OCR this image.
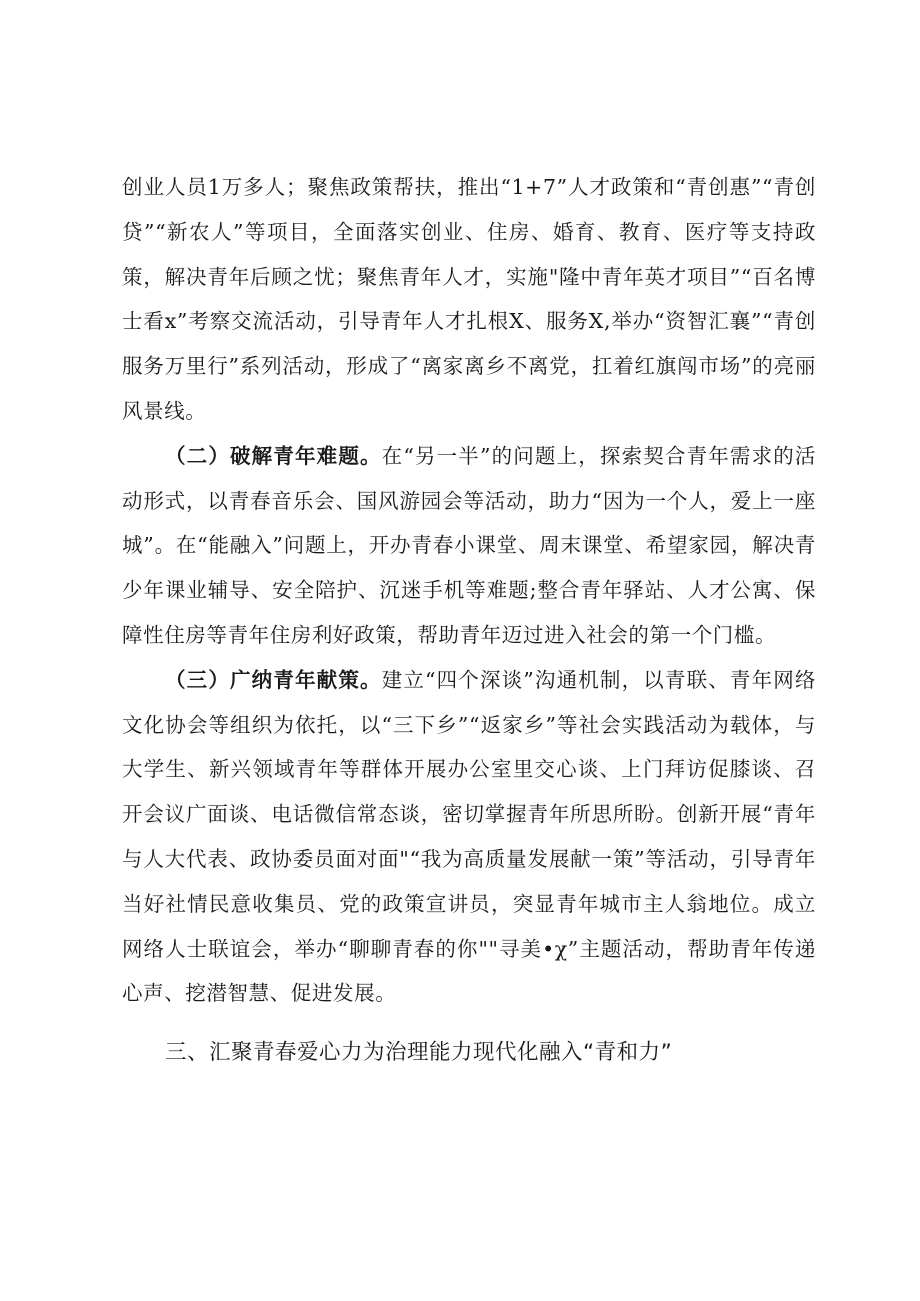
创业人员1万多人；聚焦政策帮扶，推出“1+7”人才政策和“青创惠”“青创贷”“新农人”等项目，全面落实创业、住房、婚育、教育、医疗等支持政策，解决青年后顾之忧；聚焦青年人才，实施"隆中青年英才项目”“百名博士看x”考察交流活动，引导青年人才扎根X、服务X,举办“资智汇襄”“青创服务万里行”系列活动，形成了“离家离乡不离党，扛着红旗闯市场”的亮丽风景线。

（二）破解青年难题。在“另一半”的问题上，探索契合青年需求的活动形式，以青春音乐会、国风游园会等活动，助力“因为一个人，爱上一座城”。在“能融入”问题上，开办青春小课堂、周末课堂、希望家园，解决青少年课业辅导、安全陪护、沉迷手机等难题;整合青年驿站、人才公寓、保障性住房等青年住房利好政策，帮助青年迈过进入社会的第一个门槛。

（三）广纳青年献策。建立“四个深谈”沟通机制，以青联、青年网络文化协会等组织为依托，以“三下乡”“返家乡”等社会实践活动为载体，与大学生、新兴领域青年等群体开展办公室里交心谈、上门拜访促膝谈、召开会议广面谈、电话微信常态谈，密切掌握青年所思所盼。创新开展“青年与人大代表、政协委员面对面"“我为高质量发展献一策”等活动，引导青年当好社情民意收集员、党的政策宣讲员，突显青年城市主人翁地位。成立网络人士联谊会，举办“聊聊青春的你""寻美•χ”主题活动，帮助青年传递心声、挖潜智慧、促进发展。

三、汇聚青春爱心力为治理能力现代化融入“青和力”
